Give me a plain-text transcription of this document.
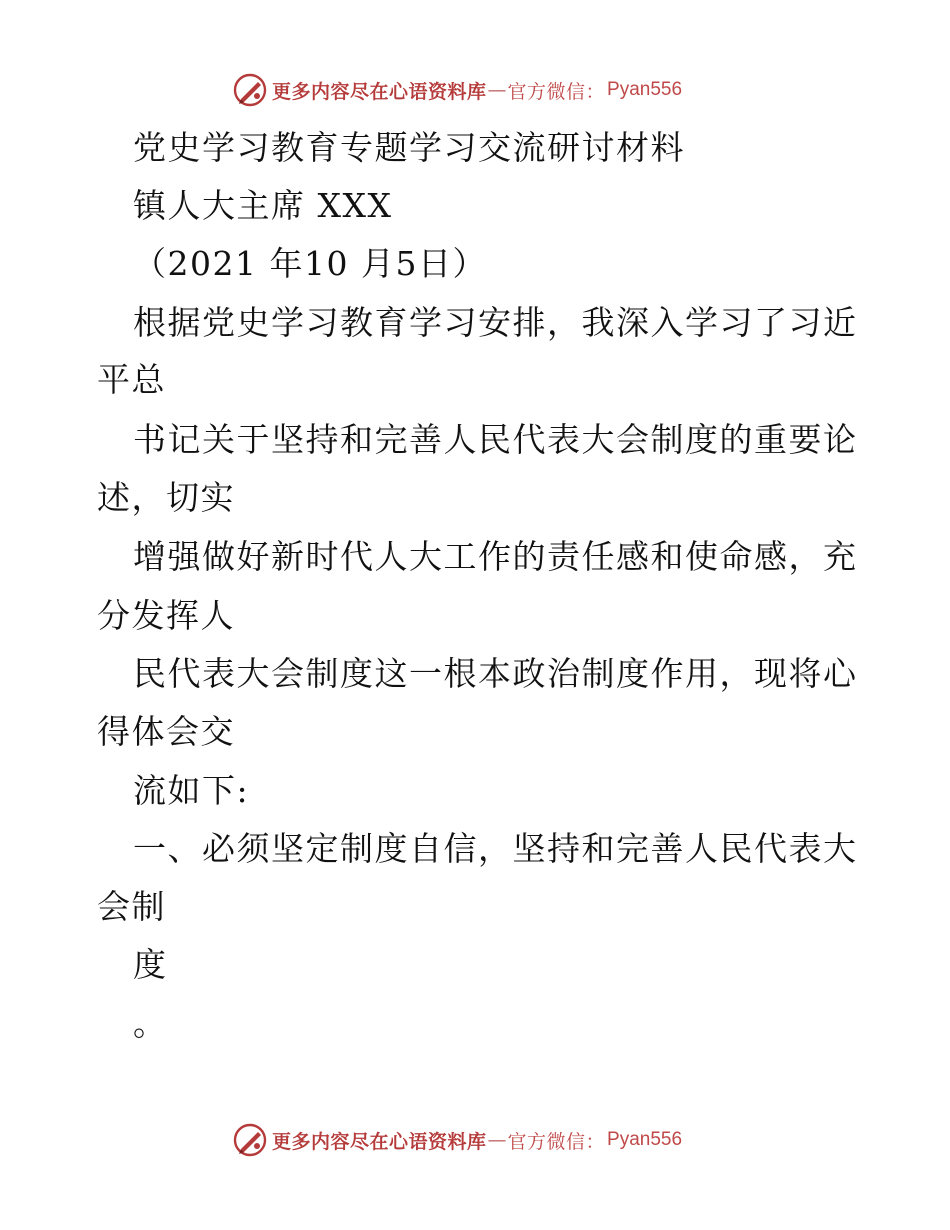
更多内容尽在心语资料库 — 官方微信： Pyan556
党史学习教育专题学习交流研讨材料
镇人大主席 XXX
（2021 年10 月5日）
根据党史学习教育学习安排，我深入学习了习近
平总
书记关于坚持和完善人民代表大会制度的重要论
述，切实
增强做好新时代人大工作的责任感和使命感，充
分发挥人
民代表大会制度这一根本政治制度作用，现将心
得体会交
流如下:
一、必须坚定制度自信，坚持和完善人民代表大
会制
度
。
更多内容尽在心语资料库 — 官方微信： Pyan556
